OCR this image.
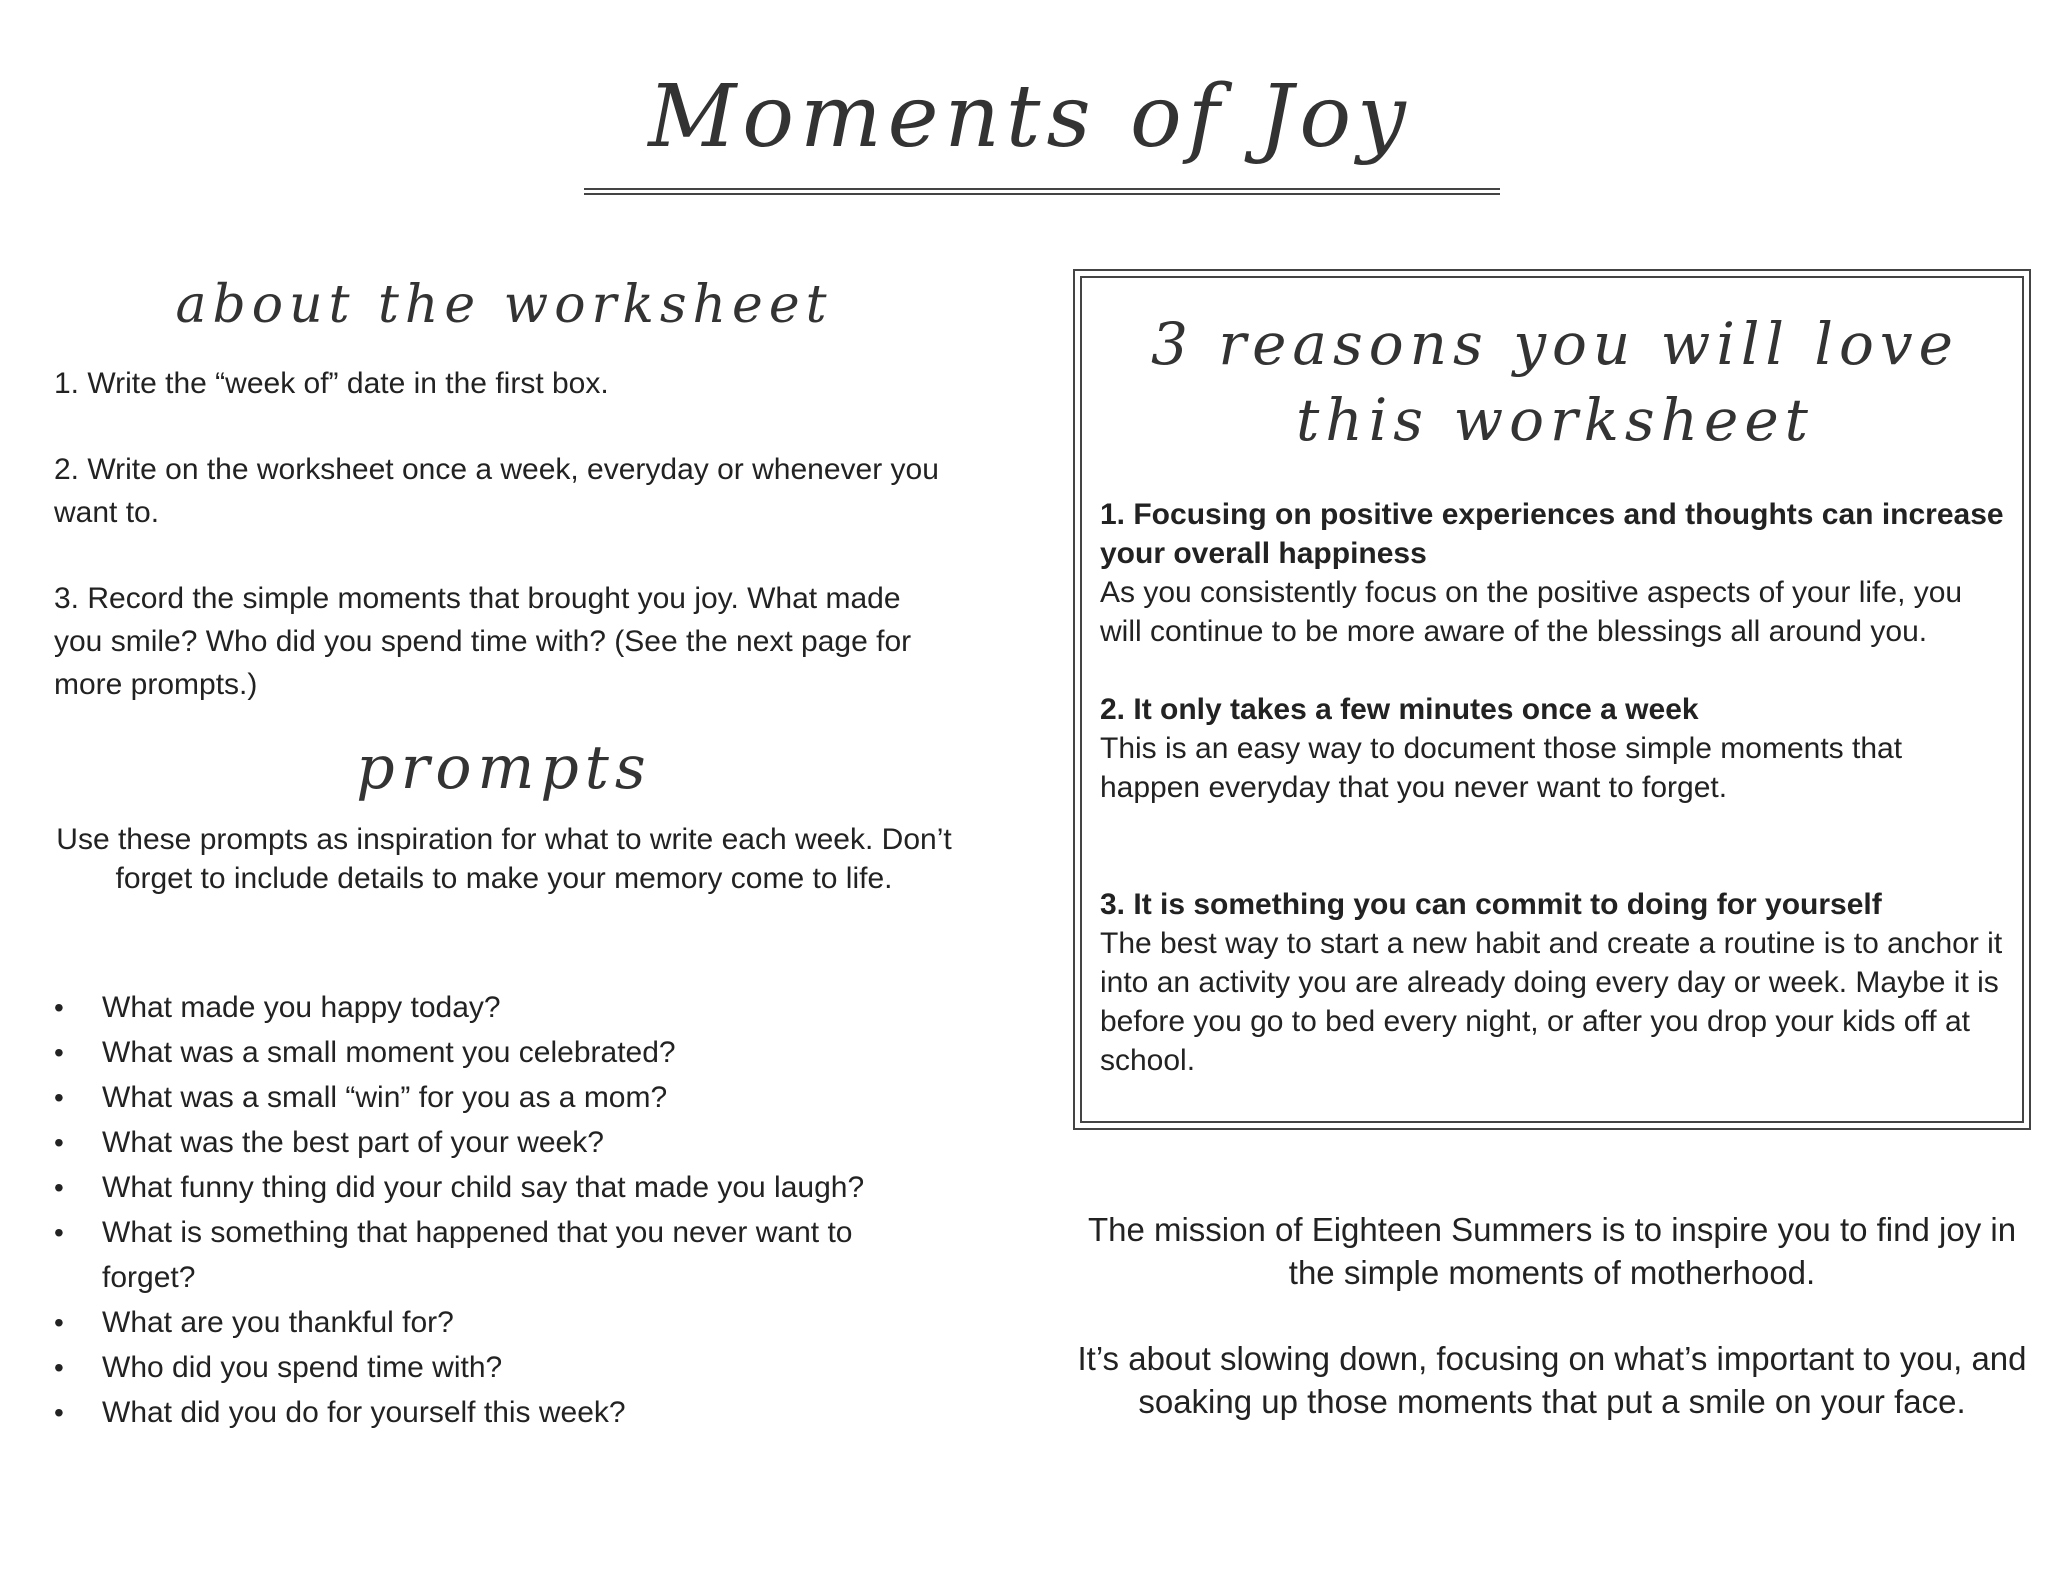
Moments of Joy
about the worksheet

1. Write the “week of” date in the first box.

2. Write on the worksheet once a week, everyday or whenever you want to.

3. Record the simple moments that brought you joy. What made you smile? Who did you spend time with? (See the next page for more prompts.)

prompts
Use these prompts as inspiration for what to write each week. Don’t forget to include details to make your memory come to life.
• What made you happy today?
• What was a small moment you celebrated?
• What was a small “win” for you as a mom?
• What was the best part of your week?
• What funny thing did your child say that made you laugh?
• What is something that happened that you never want to forget?
• What are you thankful for?
• Who did you spend time with?
• What did you do for yourself this week?
3 reasons you will love this worksheet
1. Focusing on positive experiences and thoughts can increase your overall happiness
As you consistently focus on the positive aspects of your life, you will continue to be more aware of the blessings all around you.
2. It only takes a few minutes once a week
This is an easy way to document those simple moments that happen everyday that you never want to forget.
3. It is something you can commit to doing for yourself
The best way to start a new habit and create a routine is to anchor it into an activity you are already doing every day or week. Maybe it is before you go to bed every night, or after you drop your kids off at school.

The mission of Eighteen Summers is to inspire you to find joy in the simple moments of motherhood.

It’s about slowing down, focusing on what’s important to you, and soaking up those moments that put a smile on your face.
